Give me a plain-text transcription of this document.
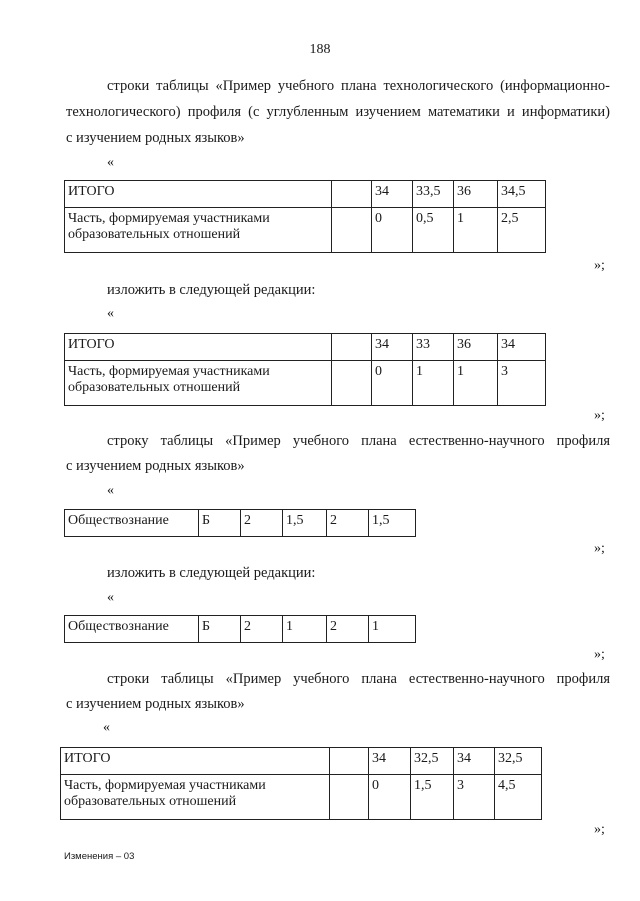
188
строки таблицы «Пример учебного плана технологического (информационно-
технологического) профиля (с углубленным изучением математики и информатики)
с изучением родных языков»
«
ИТОГО		34	33,5	36	34,5
Часть, формируемая участниками образовательных отношений		0	0,5	1	2,5
»;
изложить в следующей редакции:
«
ИТОГО		34	33	36	34
Часть, формируемая участниками образовательных отношений		0	1	1	3
»;
строку таблицы «Пример учебного плана естественно-научного профиля
с изучением родных языков»
«
Обществознание	Б	2	1,5	2	1,5
»;
изложить в следующей редакции:
«
Обществознание	Б	2	1	2	1
»;
строки таблицы «Пример учебного плана естественно-научного профиля
с изучением родных языков»
«
ИТОГО		34	32,5	34	32,5
Часть, формируемая участниками образовательных отношений		0	1,5	3	4,5
»;
Изменения – 03
